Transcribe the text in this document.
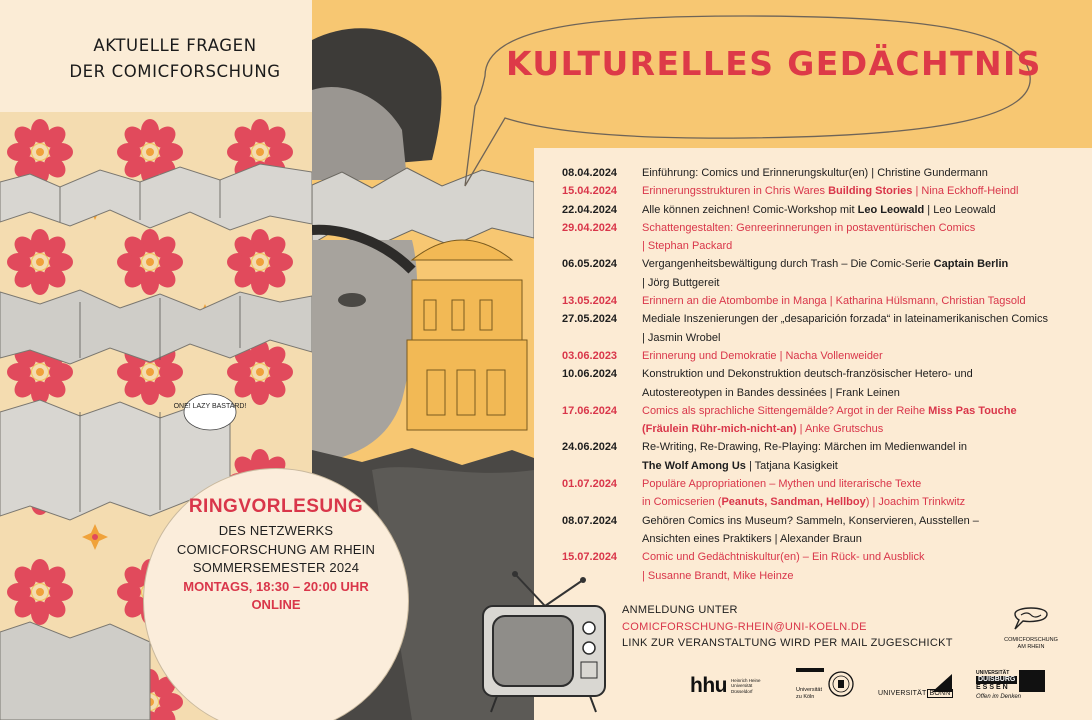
AKTUELLE FRAGEN
DER COMICFORSCHUNG
ONE! LAZY BASTARD!
KULTURELLES GEDÄCHTNIS
08.04.2024	Einführung: Comics und Erinnerungskultur(en) | Christine Gundermann
15.04.2024	Erinnerungsstrukturen in Chris Wares Building Stories | Nina Eckhoff-Heindl
22.04.2024	Alle können zeichnen! Comic-Workshop mit Leo Leowald | Leo Leowald
29.04.2024	Schattengestalten: Genreerinnerungen in postaventürischen Comics
| Stephan Packard
06.05.2024	Vergangenheitsbewältigung durch Trash – Die Comic-Serie Captain Berlin
| Jörg Buttgereit
13.05.2024	Erinnern an die Atombombe in Manga | Katharina Hülsmann, Christian Tagsold
27.05.2024	Mediale Inszenierungen der „desaparición forzada“ in lateinamerikanischen Comics
| Jasmin Wrobel
03.06.2023	Erinnerung und Demokratie | Nacha Vollenweider
10.06.2024	Konstruktion und Dekonstruktion deutsch-französischer Hetero- und
Autostereotypen in Bandes dessinées | Frank Leinen
17.06.2024	Comics als sprachliche Sittengemälde? Argot in der Reihe Miss Pas Touche
(Fräulein Rühr-mich-nicht-an) | Anke Grutschus
24.06.2024	Re-Writing, Re-Drawing, Re-Playing: Märchen im Medienwandel in
The Wolf Among Us | Tatjana Kasigkeit
01.07.2024	Populäre Appropriationen – Mythen und literarische Texte
in Comicserien (Peanuts, Sandman, Hellboy) | Joachim Trinkwitz
08.07.2024	Gehören Comics ins Museum? Sammeln, Konservieren, Ausstellen –
Ansichten eines Praktikers | Alexander Braun
15.07.2024	Comic und Gedächtniskultur(en) – Ein Rück- und Ausblick
| Susanne Brandt, Mike Heinze
ANMELDUNG UNTER
COMICFORSCHUNG-RHEIN@UNI-KOELN.DE
LINK ZUR VERANSTALTUNG WIRD PER MAIL ZUGESCHICKT
RINGVORLESUNG
DES NETZWERKS
COMICFORSCHUNG AM RHEIN
SOMMERSEMESTER 2024
MONTAGS, 18:30 – 20:00 UHR
ONLINE
COMICFORSCHUNG
AM RHEIN
hhu Heinrich Heine
Universität
Düsseldorf	Universität
zu Köln	UNIVERSITÄT BONN
UNIVERSITÄT
DUISBURG
ESSEN
Offen im Denken
